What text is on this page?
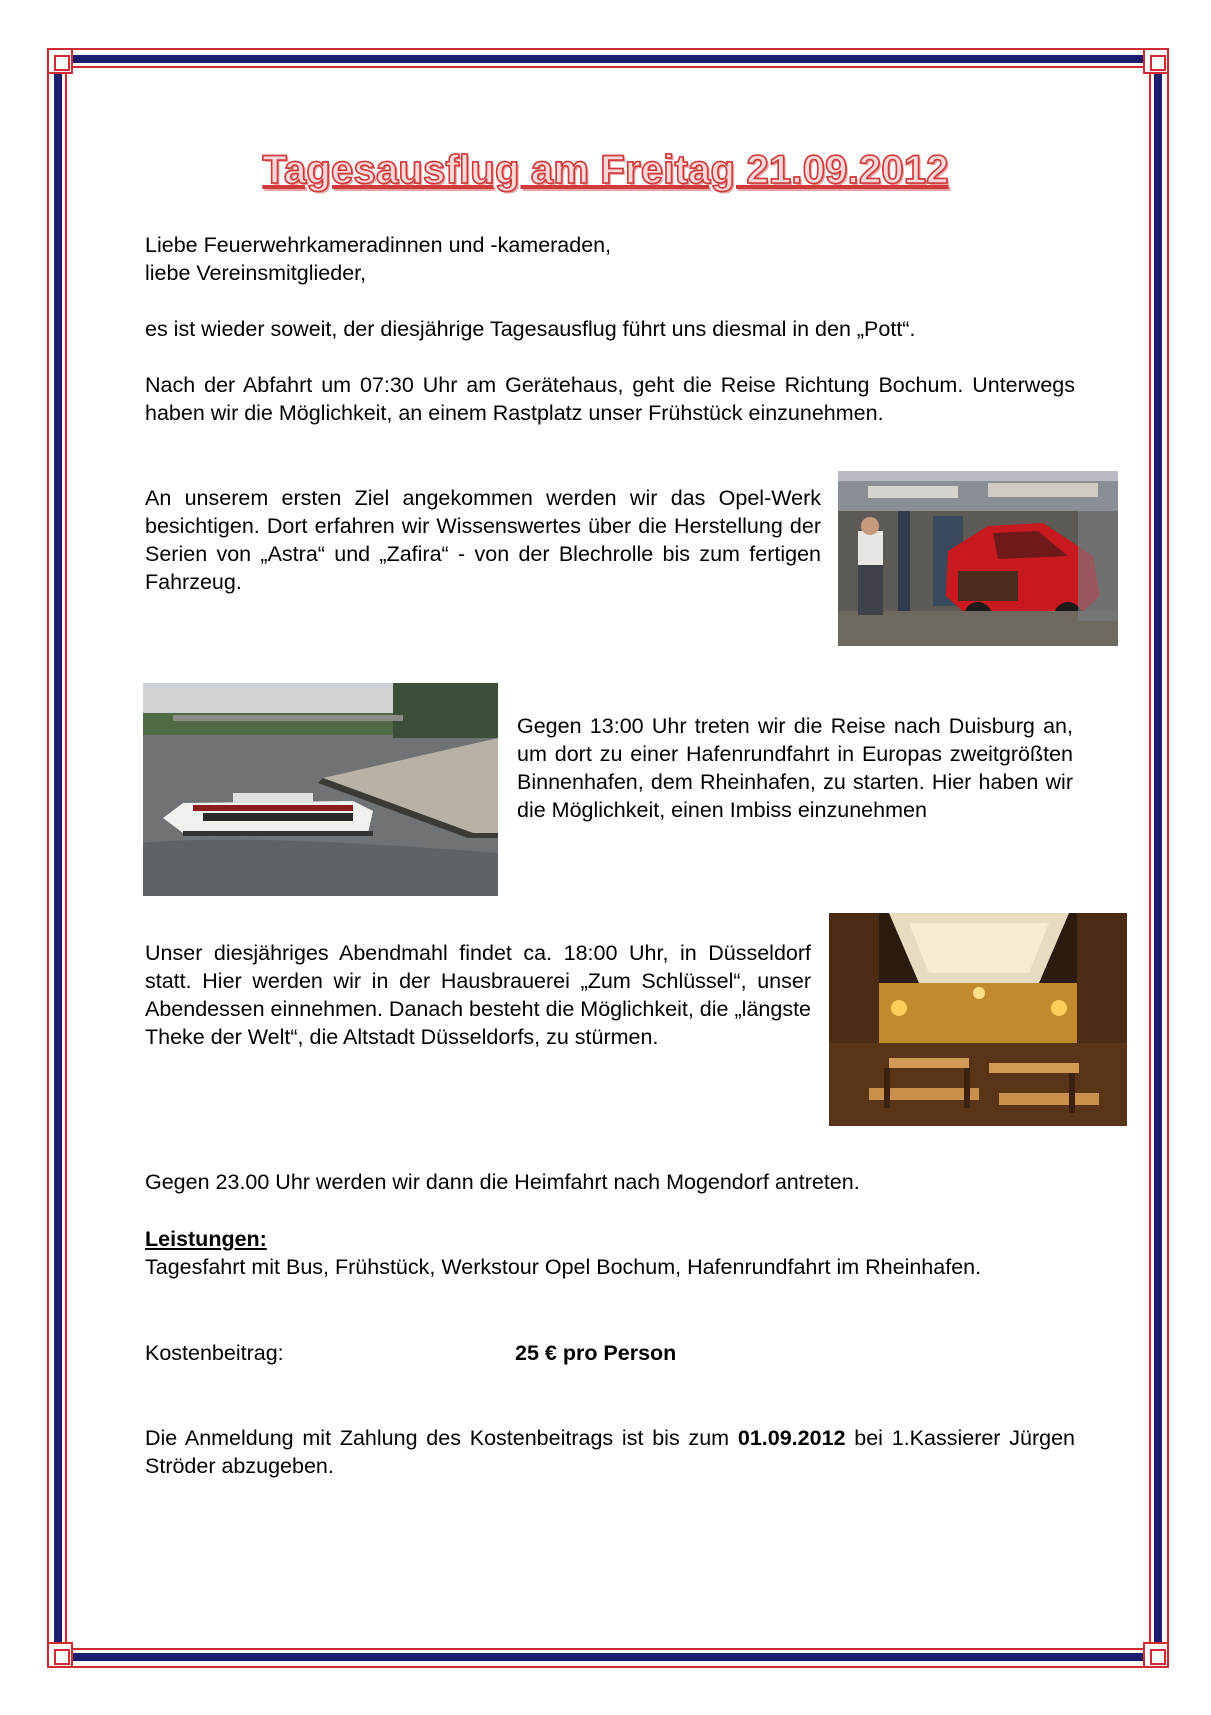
Tagesausflug am Freitag 21.09.2012
Liebe Feuerwehrkameradinnen und -kameraden,
liebe Vereinsmitglieder,
es ist wieder soweit, der diesjährige Tagesausflug führt uns diesmal in den „Pott“.
Nach der Abfahrt um 07:30 Uhr am Gerätehaus, geht die Reise Richtung Bochum. Unterwegs haben wir die Möglichkeit, an einem Rastplatz unser Frühstück einzunehmen.
An unserem ersten Ziel angekommen werden wir das Opel-Werk besichtigen. Dort erfahren wir Wissenswertes über die Herstellung der Serien von „Astra“ und „Zafira“ - von der Blechrolle bis zum fertigen Fahrzeug.
Gegen 13:00 Uhr treten wir die Reise nach Duisburg an, um dort zu einer Hafenrundfahrt in Europas zweitgrößten Binnenhafen, dem Rheinhafen, zu starten. Hier haben wir die Möglichkeit, einen Imbiss einzunehmen
Unser diesjähriges Abendmahl findet ca. 18:00 Uhr, in Düsseldorf statt. Hier werden wir in der Hausbrauerei „Zum Schlüssel“, unser Abendessen einnehmen. Danach besteht die Möglichkeit, die „längste Theke der Welt“, die Altstadt Düsseldorfs, zu stürmen.
Gegen 23.00 Uhr werden wir dann die Heimfahrt nach Mogendorf antreten.
Leistungen:
Tagesfahrt mit Bus, Frühstück, Werkstour Opel Bochum, Hafenrundfahrt im Rheinhafen.
Kostenbeitrag:	25 € pro Person
Die Anmeldung mit Zahlung des Kostenbeitrags ist bis zum 01.09.2012 bei 1.Kassierer Jürgen Ströder abzugeben.
